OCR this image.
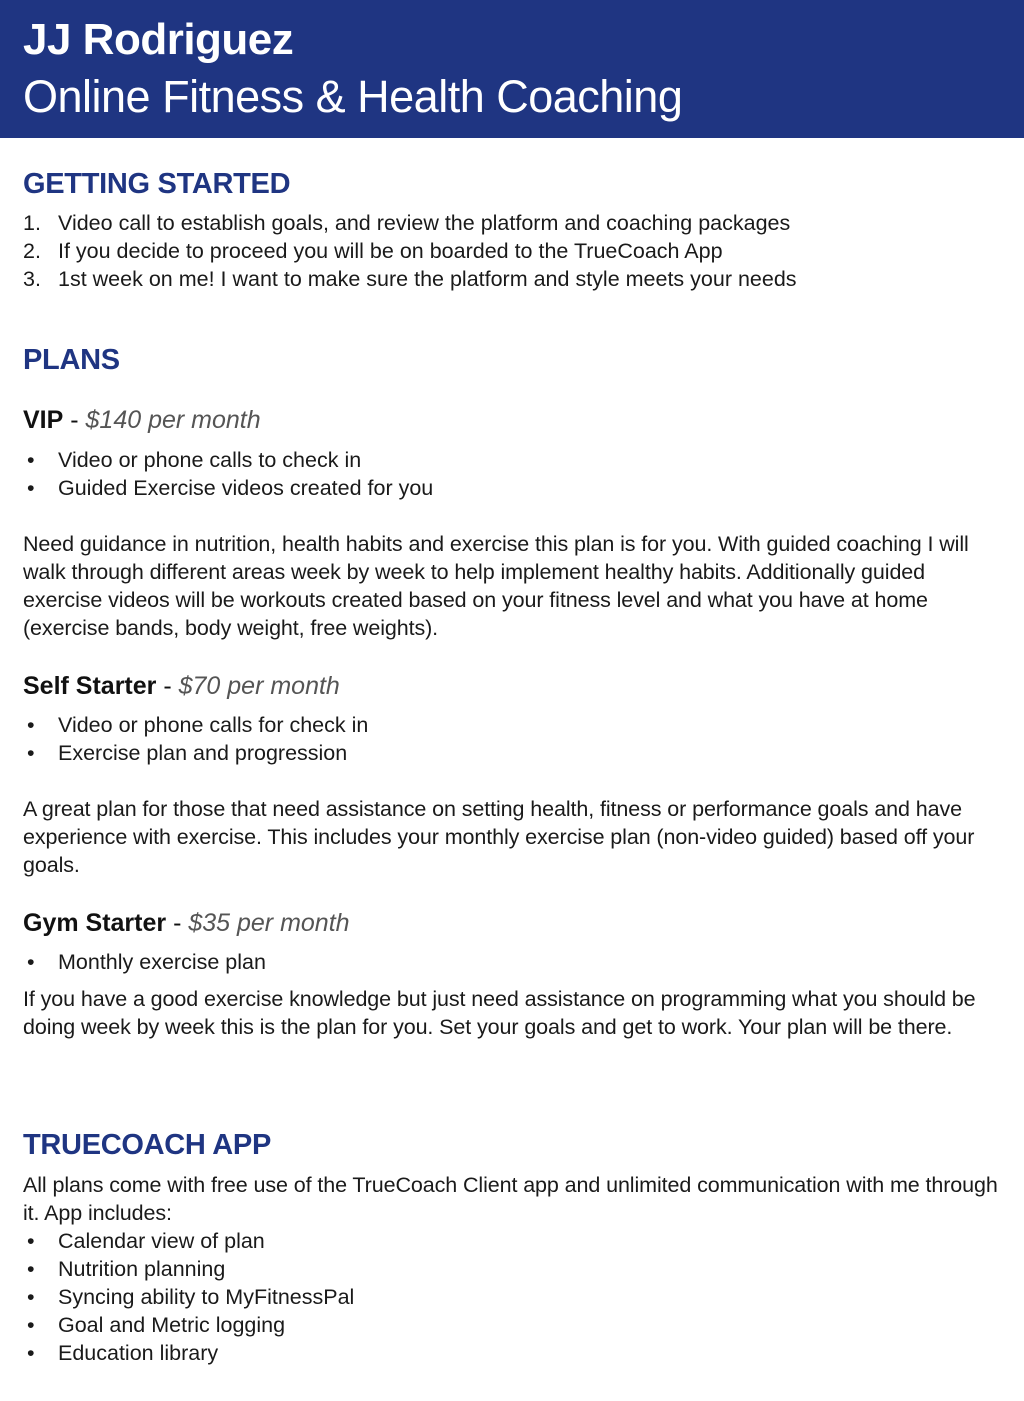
JJ Rodriguez
Online Fitness & Health Coaching
GETTING STARTED
1. Video call to establish goals, and review the platform and coaching packages
2. If you decide to proceed you will be on boarded to the TrueCoach App
3. 1st week on me! I want to make sure the platform and style meets your needs
PLANS
VIP - $140 per month
• Video or phone calls to check in
• Guided Exercise videos created for you
Need guidance in nutrition, health habits and exercise this plan is for you. With guided coaching I will walk through different areas week by week to help implement healthy habits. Additionally guided exercise videos will be workouts created based on your fitness level and what you have at home (exercise bands, body weight, free weights).
Self Starter - $70 per month
• Video or phone calls for check in
• Exercise plan and progression
A great plan for those that need assistance on setting health, fitness or performance goals and have experience with exercise. This includes your monthly exercise plan (non-video guided) based off your goals.
Gym Starter - $35 per month
• Monthly exercise plan
If you have a good exercise knowledge but just need assistance on programming what you should be doing week by week this is the plan for you. Set your goals and get to work. Your plan will be there.
TRUECOACH APP
All plans come with free use of the TrueCoach Client app and unlimited communication with me through it. App includes:
• Calendar view of plan
• Nutrition planning
• Syncing ability to MyFitnessPal
• Goal and Metric logging
• Education library
